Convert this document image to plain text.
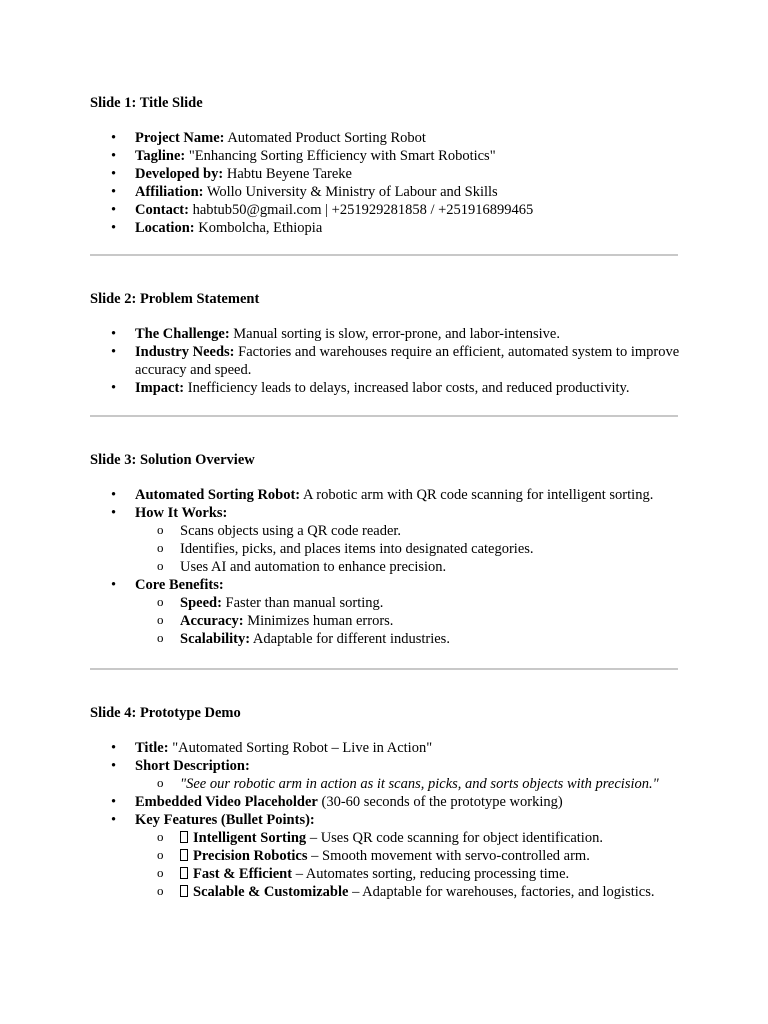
Slide 1: Title Slide

• Project Name: Automated Product Sorting Robot
• Tagline: "Enhancing Sorting Efficiency with Smart Robotics"
• Developed by: Habtu Beyene Tareke
• Affiliation: Wollo University & Ministry of Labour and Skills
• Contact: habtub50@gmail.com | +251929281858 / +251916899465
• Location: Kombolcha, Ethiopia

Slide 2: Problem Statement

• The Challenge: Manual sorting is slow, error-prone, and labor-intensive.
• Industry Needs: Factories and warehouses require an efficient, automated system to improve accuracy and speed.
• Impact: Inefficiency leads to delays, increased labor costs, and reduced productivity.

Slide 3: Solution Overview

• Automated Sorting Robot: A robotic arm with QR code scanning for intelligent sorting.
• How It Works:
o Scans objects using a QR code reader.
o Identifies, picks, and places items into designated categories.
o Uses AI and automation to enhance precision.
• Core Benefits:
o Speed: Faster than manual sorting.
o Accuracy: Minimizes human errors.
o Scalability: Adaptable for different industries.

Slide 4: Prototype Demo

• Title: "Automated Sorting Robot – Live in Action"
• Short Description:
o "See our robotic arm in action as it scans, picks, and sorts objects with precision."
• Embedded Video Placeholder (30-60 seconds of the prototype working)
• Key Features (Bullet Points):
o Intelligent Sorting – Uses QR code scanning for object identification.
o Precision Robotics – Smooth movement with servo-controlled arm.
o Fast & Efficient – Automates sorting, reducing processing time.
o Scalable & Customizable – Adaptable for warehouses, factories, and logistics.
